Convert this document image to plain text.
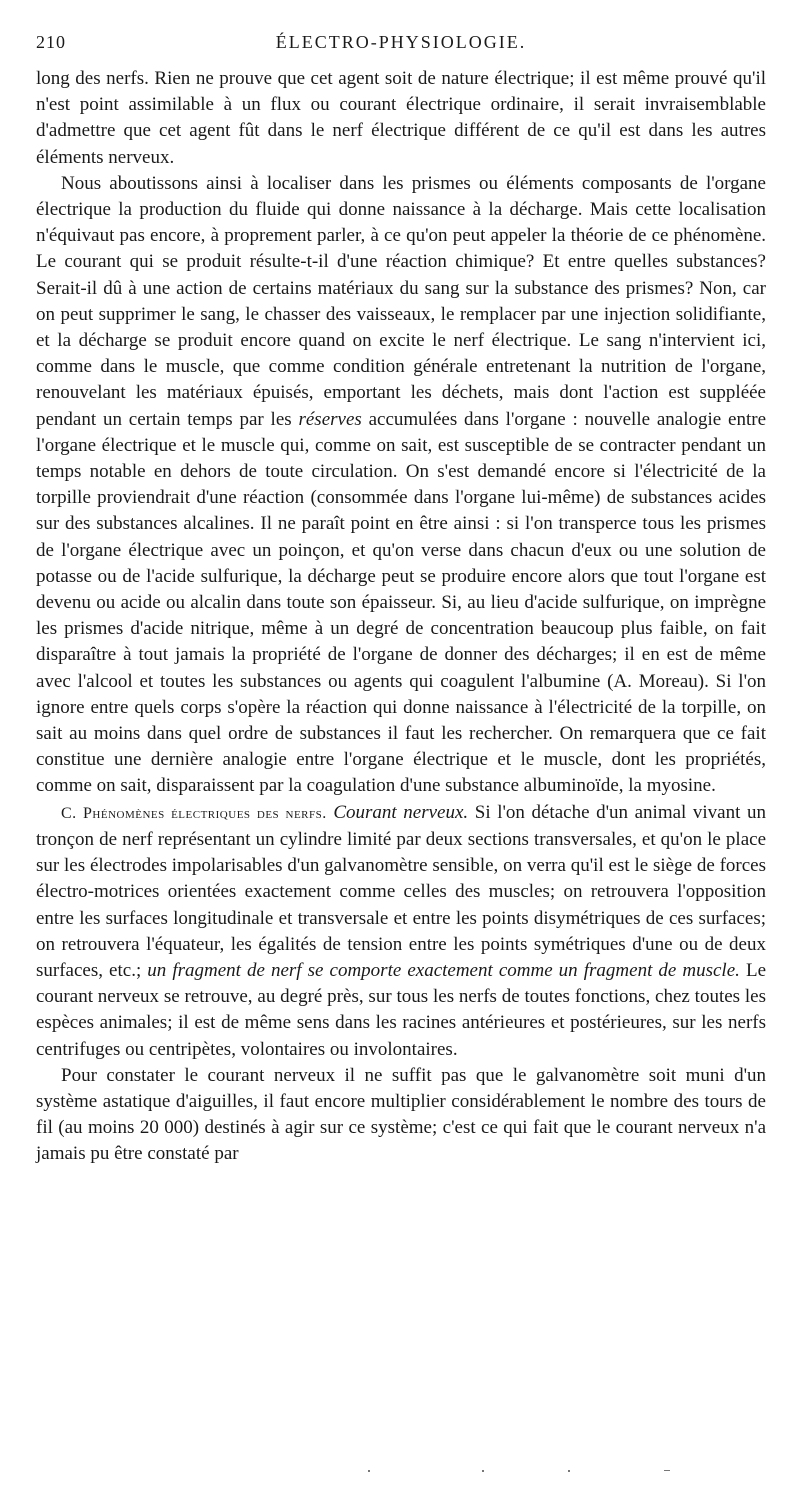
210	ÉLECTRO-PHYSIOLOGIE.

long des nerfs. Rien ne prouve que cet agent soit de nature électrique; il est même prouvé qu'il n'est point assimilable à un flux ou courant électrique ordinaire, il serait invraisemblable d'admettre que cet agent fût dans le nerf électrique différent de ce qu'il est dans les autres éléments nerveux.

Nous aboutissons ainsi à localiser dans les prismes ou éléments composants de l'organe électrique la production du fluide qui donne naissance à la décharge. Mais cette localisation n'équivaut pas encore, à proprement parler, à ce qu'on peut appeler la théorie de ce phénomène. Le courant qui se produit résulte-t-il d'une réaction chimique? Et entre quelles substances? Serait-il dû à une action de certains matériaux du sang sur la substance des prismes? Non, car on peut supprimer le sang, le chasser des vaisseaux, le remplacer par une injection solidifiante, et la décharge se produit encore quand on excite le nerf électrique. Le sang n'intervient ici, comme dans le muscle, que comme condition générale entretenant la nutrition de l'organe, renouvelant les matériaux épuisés, emportant les déchets, mais dont l'action est suppléée pendant un certain temps par les réserves accumulées dans l'organe : nouvelle analogie entre l'organe électrique et le muscle qui, comme on sait, est susceptible de se contracter pendant un temps notable en dehors de toute circulation. On s'est demandé encore si l'électricité de la torpille proviendrait d'une réaction (consommée dans l'organe lui-même) de substances acides sur des substances alcalines. Il ne paraît point en être ainsi : si l'on transperce tous les prismes de l'organe électrique avec un poinçon, et qu'on verse dans chacun d'eux ou une solution de potasse ou de l'acide sulfurique, la décharge peut se produire encore alors que tout l'organe est devenu ou acide ou alcalin dans toute son épaisseur. Si, au lieu d'acide sulfurique, on imprègne les prismes d'acide nitrique, même à un degré de concentration beaucoup plus faible, on fait disparaître à tout jamais la propriété de l'organe de donner des décharges; il en est de même avec l'alcool et toutes les substances ou agents qui coagulent l'albumine (A. Moreau). Si l'on ignore entre quels corps s'opère la réaction qui donne naissance à l'électricité de la torpille, on sait au moins dans quel ordre de substances il faut les rechercher. On remarquera que ce fait constitue une dernière analogie entre l'organe électrique et le muscle, dont les propriétés, comme on sait, disparaissent par la coagulation d'une substance albuminoïde, la myosine.

C. Phénomènes électriques des nerfs. Courant nerveux. Si l'on détache d'un animal vivant un tronçon de nerf représentant un cylindre limité par deux sections transversales, et qu'on le place sur les électrodes impolarisables d'un galvanomètre sensible, on verra qu'il est le siège de forces électro-motrices orientées exactement comme celles des muscles; on retrouvera l'opposition entre les surfaces longitudinale et transversale et entre les points disymétriques de ces surfaces; on retrouvera l'équateur, les égalités de tension entre les points symétriques d'une ou de deux surfaces, etc.; un fragment de nerf se comporte exactement comme un fragment de muscle. Le courant nerveux se retrouve, au degré près, sur tous les nerfs de toutes fonctions, chez toutes les espèces animales; il est de même sens dans les racines antérieures et postérieures, sur les nerfs centrifuges ou centripètes, volontaires ou involontaires.

Pour constater le courant nerveux il ne suffit pas que le galvanomètre soit muni d'un système astatique d'aiguilles, il faut encore multiplier considérablement le nombre des tours de fil (au moins 20 000) destinés à agir sur ce système; c'est ce qui fait que le courant nerveux n'a jamais pu être constaté par
